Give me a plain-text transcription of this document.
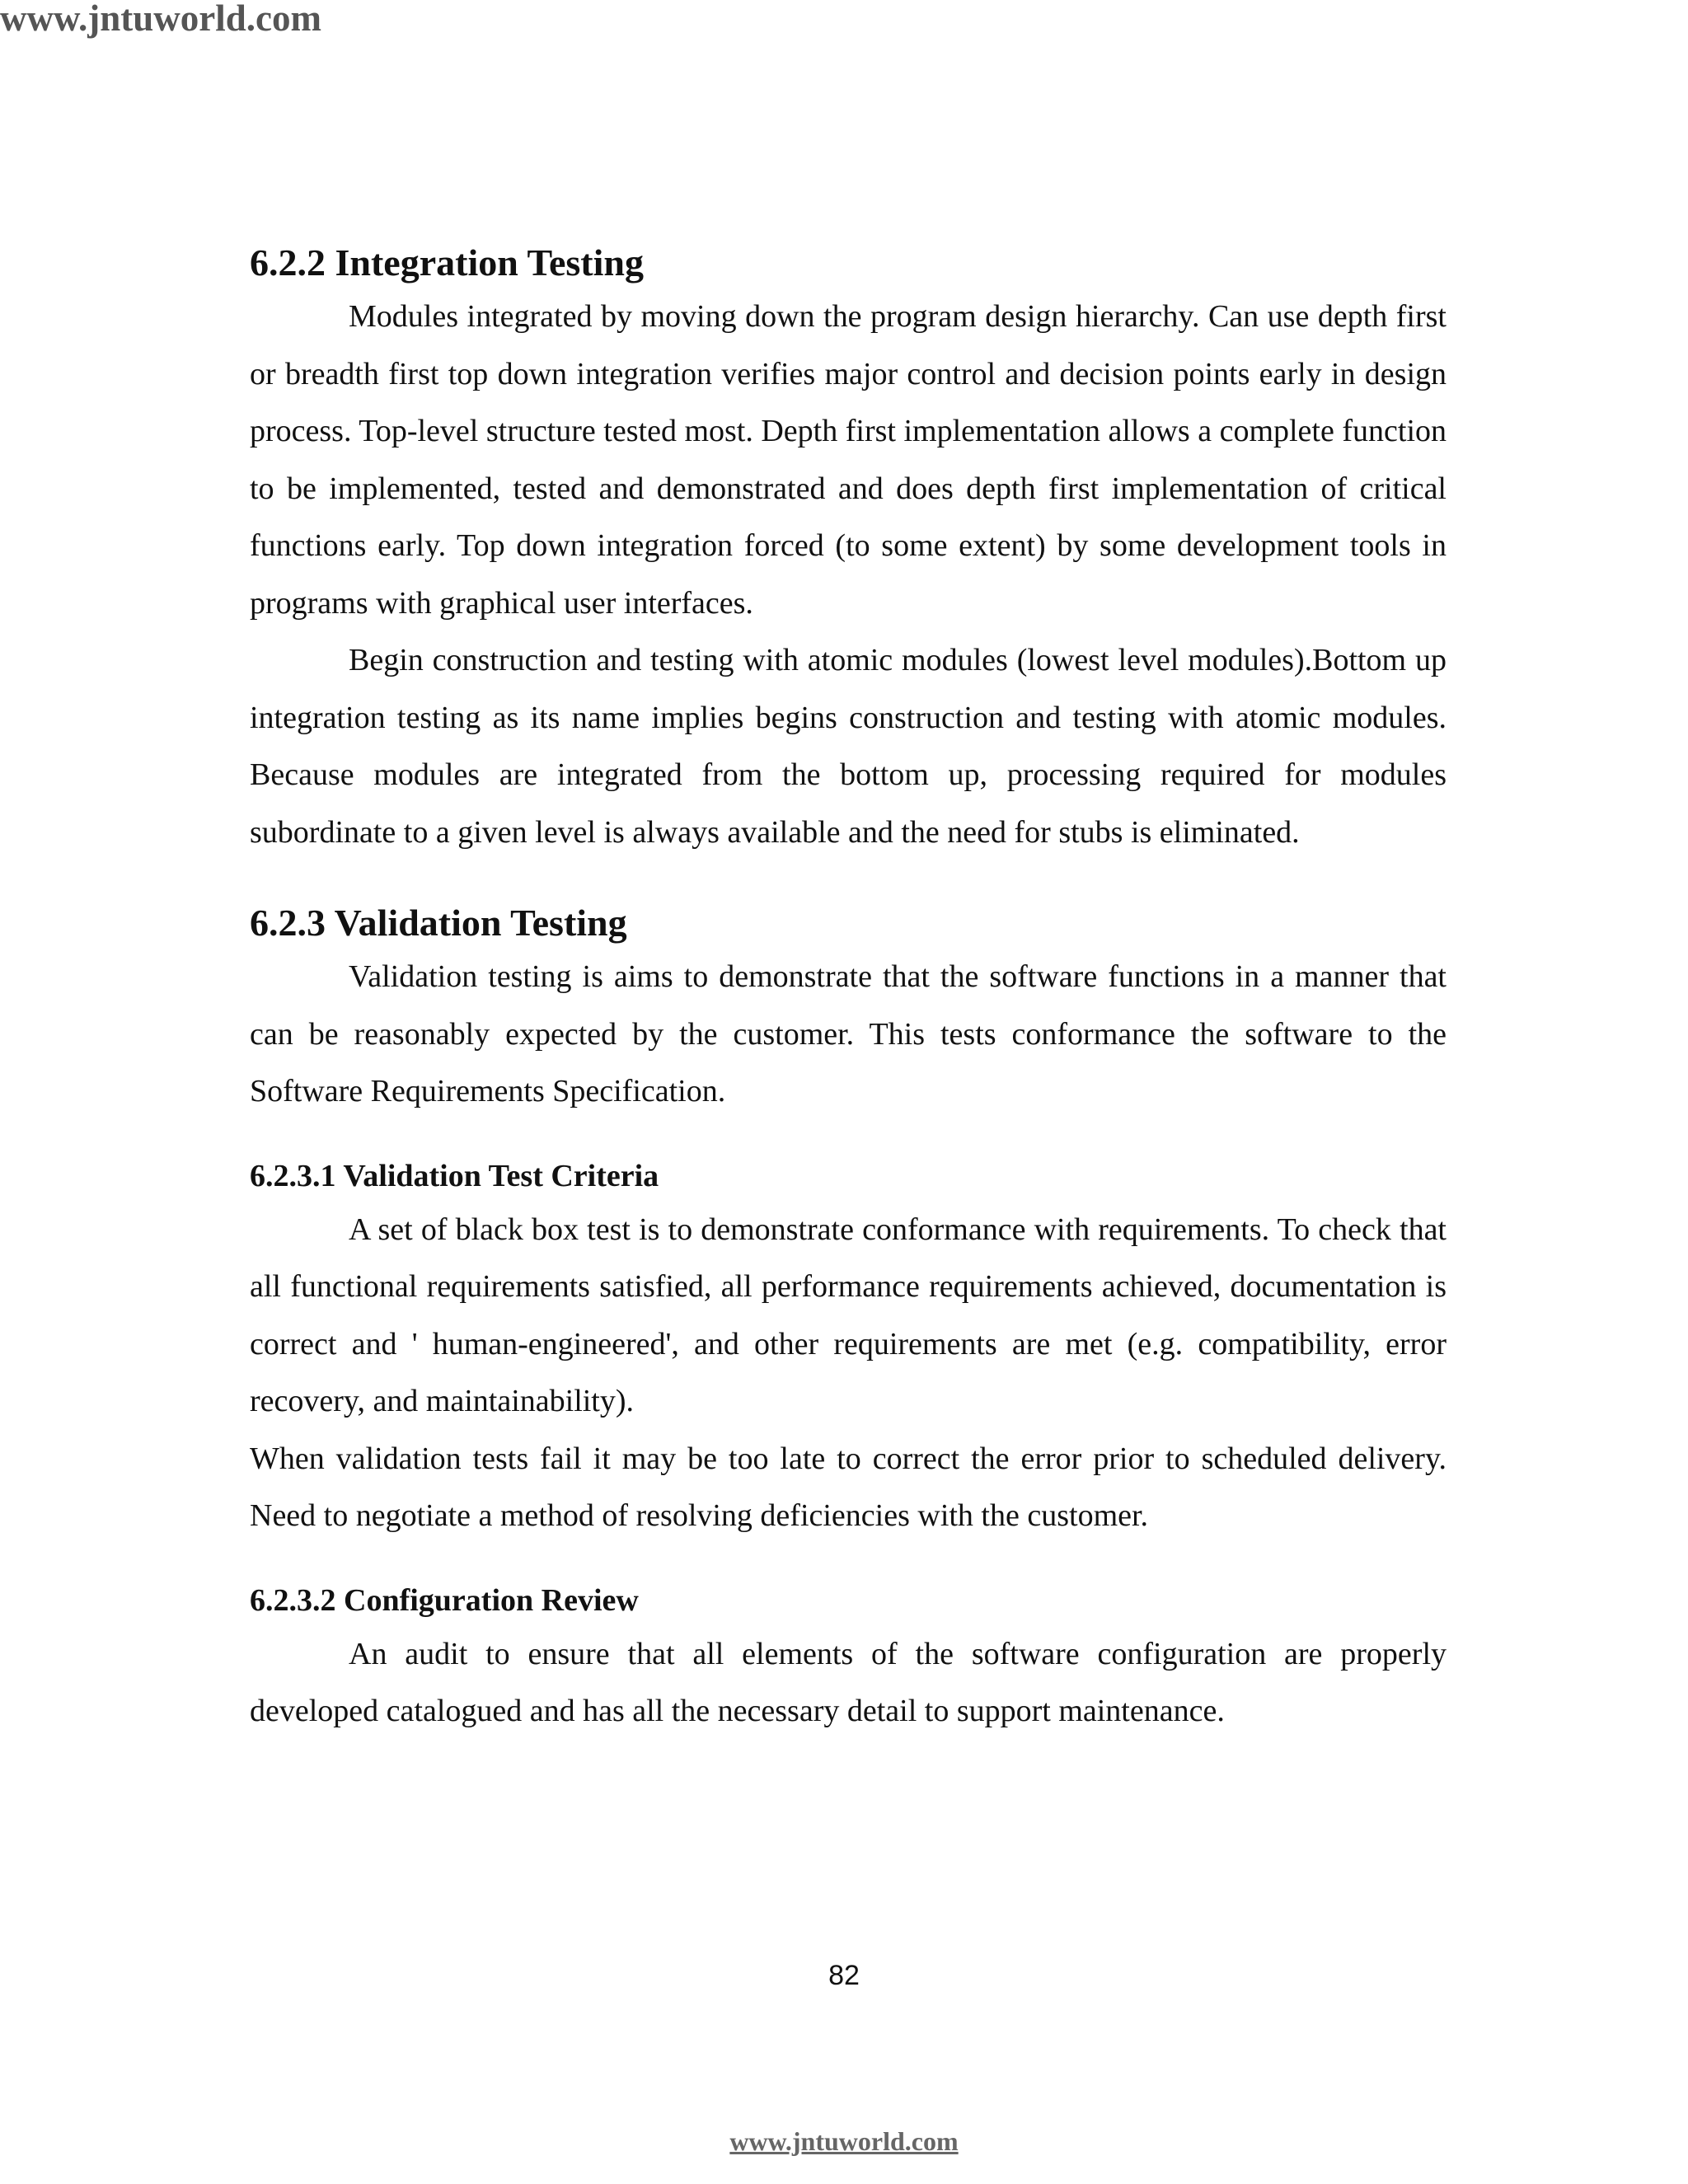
www.jntuworld.com
6.2.2 Integration Testing

Modules integrated by moving down the program design hierarchy. Can use depth first or breadth first top down integration verifies major control and decision points early in design process. Top-level structure tested most. Depth first implementation allows a complete function to be implemented, tested and demonstrated and does depth first implementation of critical functions early. Top down integration forced (to some extent) by some development tools in programs with graphical user interfaces.

Begin construction and testing with atomic modules (lowest level modules).Bottom up integration testing as its name implies begins construction and testing with atomic modules. Because modules are integrated from the bottom up, processing required for modules subordinate to a given level is always available and the need for stubs is eliminated.

6.2.3 Validation Testing

Validation testing is aims to demonstrate that the software functions in a manner that can be reasonably expected by the customer. This tests conformance the software to the Software Requirements Specification.

6.2.3.1 Validation Test Criteria

A set of black box test is to demonstrate conformance with requirements. To check that all functional requirements satisfied, all performance requirements achieved, documentation is correct and ' human-engineered', and other requirements are met (e.g. compatibility, error recovery, and maintainability).

When validation tests fail it may be too late to correct the error prior to scheduled delivery. Need to negotiate a method of resolving deficiencies with the customer.

6.2.3.2 Configuration Review

An audit to ensure that all elements of the software configuration are properly developed catalogued and has all the necessary detail to support maintenance.

82
www.jntuworld.com
